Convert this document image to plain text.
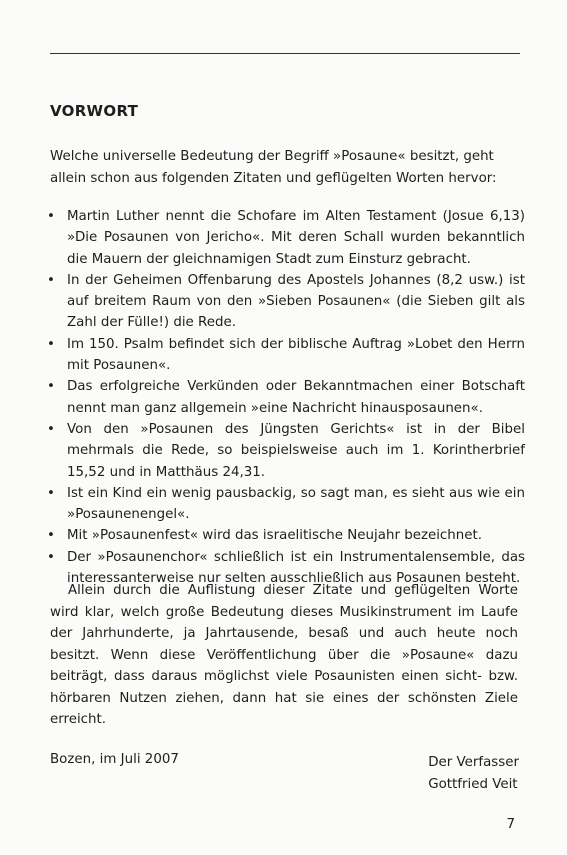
VORWORT
Welche universelle Bedeutung der Begriff »Posaune« besitzt, geht allein schon aus folgenden Zitaten und geflügelten Worten hervor:
• Martin Luther nennt die Schofare im Alten Testament (Josue 6,13) »Die Posaunen von Jericho«. Mit deren Schall wurden bekanntlich die Mauern der gleichnamigen Stadt zum Einsturz gebracht.
• In der Geheimen Offenbarung des Apostels Johannes (8,2 usw.) ist auf breitem Raum von den »Sieben Posaunen« (die Sieben gilt als Zahl der Fülle!) die Rede.
• Im 150. Psalm befindet sich der biblische Auftrag »Lobet den Herrn mit Posaunen«.
• Das erfolgreiche Verkünden oder Bekanntmachen einer Botschaft nennt man ganz allgemein »eine Nachricht hinausposaunen«.
• Von den »Posaunen des Jüngsten Gerichts« ist in der Bibel mehrmals die Rede, so beispielsweise auch im 1. Korintherbrief 15,52 und in Matthäus 24,31.
• Ist ein Kind ein wenig pausbackig, so sagt man, es sieht aus wie ein »Posaunenengel«.
• Mit »Posaunenfest« wird das israelitische Neujahr bezeichnet.
• Der »Posaunenchor« schließlich ist ein Instrumentalensemble, das interessanterweise nur selten ausschließlich aus Posaunen besteht.
Allein durch die Auflistung dieser Zitate und geflügelten Worte wird klar, welch große Bedeutung dieses Musikinstrument im Laufe der Jahrhunderte, ja Jahrtausende, besaß und auch heute noch besitzt. Wenn diese Veröffentlichung über die »Posaune« dazu beiträgt, dass daraus möglichst viele Posaunisten einen sicht- bzw. hörbaren Nutzen ziehen, dann hat sie eines der schönsten Ziele erreicht.
Bozen, im Juli 2007	Der Verfasser
Gottfried Veit
7
